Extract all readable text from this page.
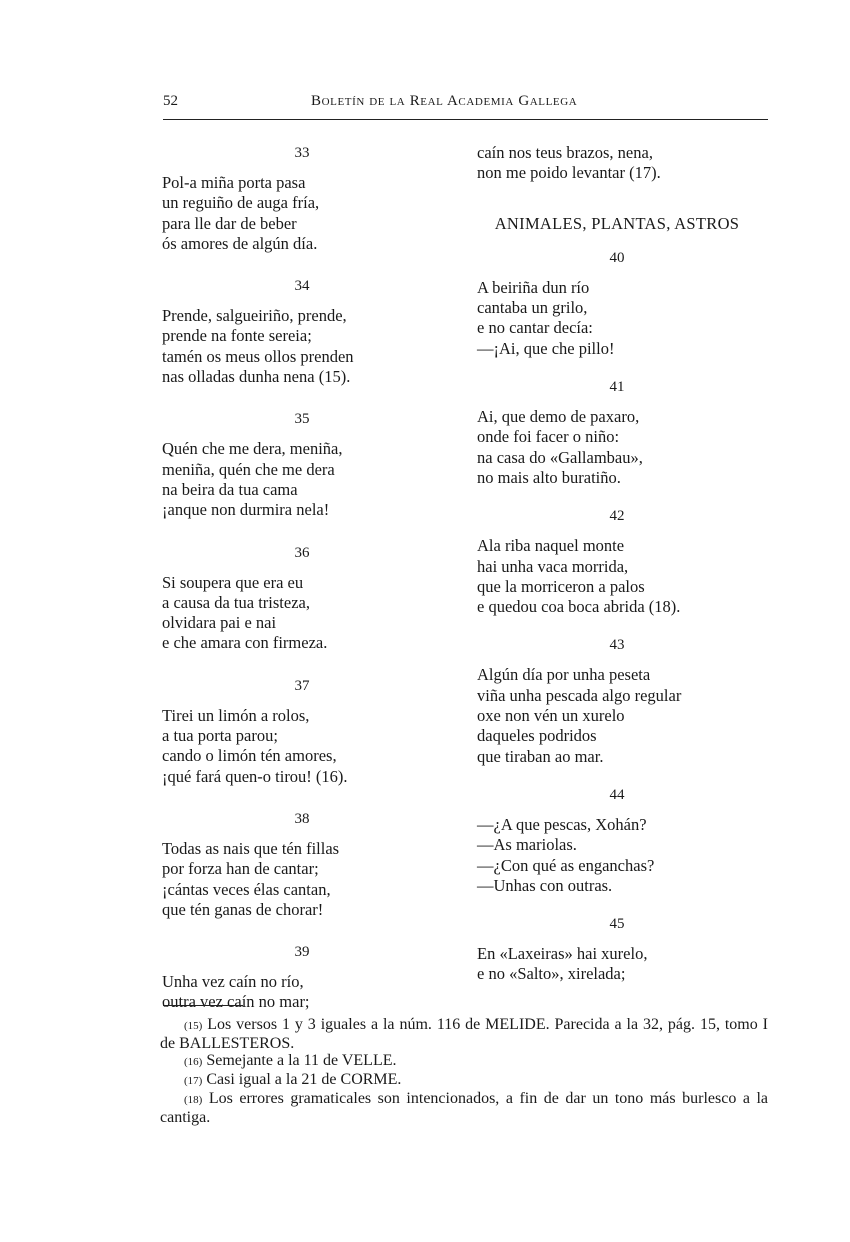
52	Boletín de la Real Academia Gallega
33
Pol-a miña porta pasa
un reguiño de auga fría,
para lle dar de beber
ós amores de algún día.
34
Prende, salgueiriño, prende,
prende na fonte sereia;
tamén os meus ollos prenden
nas olladas dunha nena (15).
35
Quén che me dera, meniña,
meniña, quén che me dera
na beira da tua cama
¡anque non durmira nela!
36
Si soupera que era eu
a causa da tua tristeza,
olvidara pai e nai
e che amara con firmeza.
37
Tirei un limón a rolos,
a tua porta parou;
cando o limón tén amores,
¡qué fará quen-o tirou! (16).
38
Todas as nais que tén fillas
por forza han de cantar;
¡cántas veces élas cantan,
que tén ganas de chorar!
39
Unha vez caín no río,
outra vez caín no mar;
caín nos teus brazos, nena,
non me poido levantar (17).
ANIMALES, PLANTAS, ASTROS
40
A beiriña dun río
cantaba un grilo,
e no cantar decía:
—¡Ai, que che pillo!
41
Ai, que demo de paxaro,
onde foi facer o niño:
na casa do «Gallambau»,
no mais alto buratiño.
42
Ala riba naquel monte
hai unha vaca morrida,
que la morriceron a palos
e quedou coa boca abrida (18).
43
Algún día por unha peseta
viña unha pescada algo regular
oxe non vén un xurelo
daqueles podridos
que tiraban ao mar.
44
—¿A que pescas, Xohán?
—As mariolas.
—¿Con qué as enganchas?
—Unhas con outras.
45
En «Laxeiras» hai xurelo,
e no «Salto», xirelada;

(15) Los versos 1 y 3 iguales a la núm. 116 de MELIDE. Parecida a la 32, pág. 15, tomo I de BALLESTEROS.

(16) Semejante a la 11 de VELLE.

(17) Casi igual a la 21 de CORME.

(18) Los errores gramaticales son intencionados, a fin de dar un tono más burlesco a la cantiga.
